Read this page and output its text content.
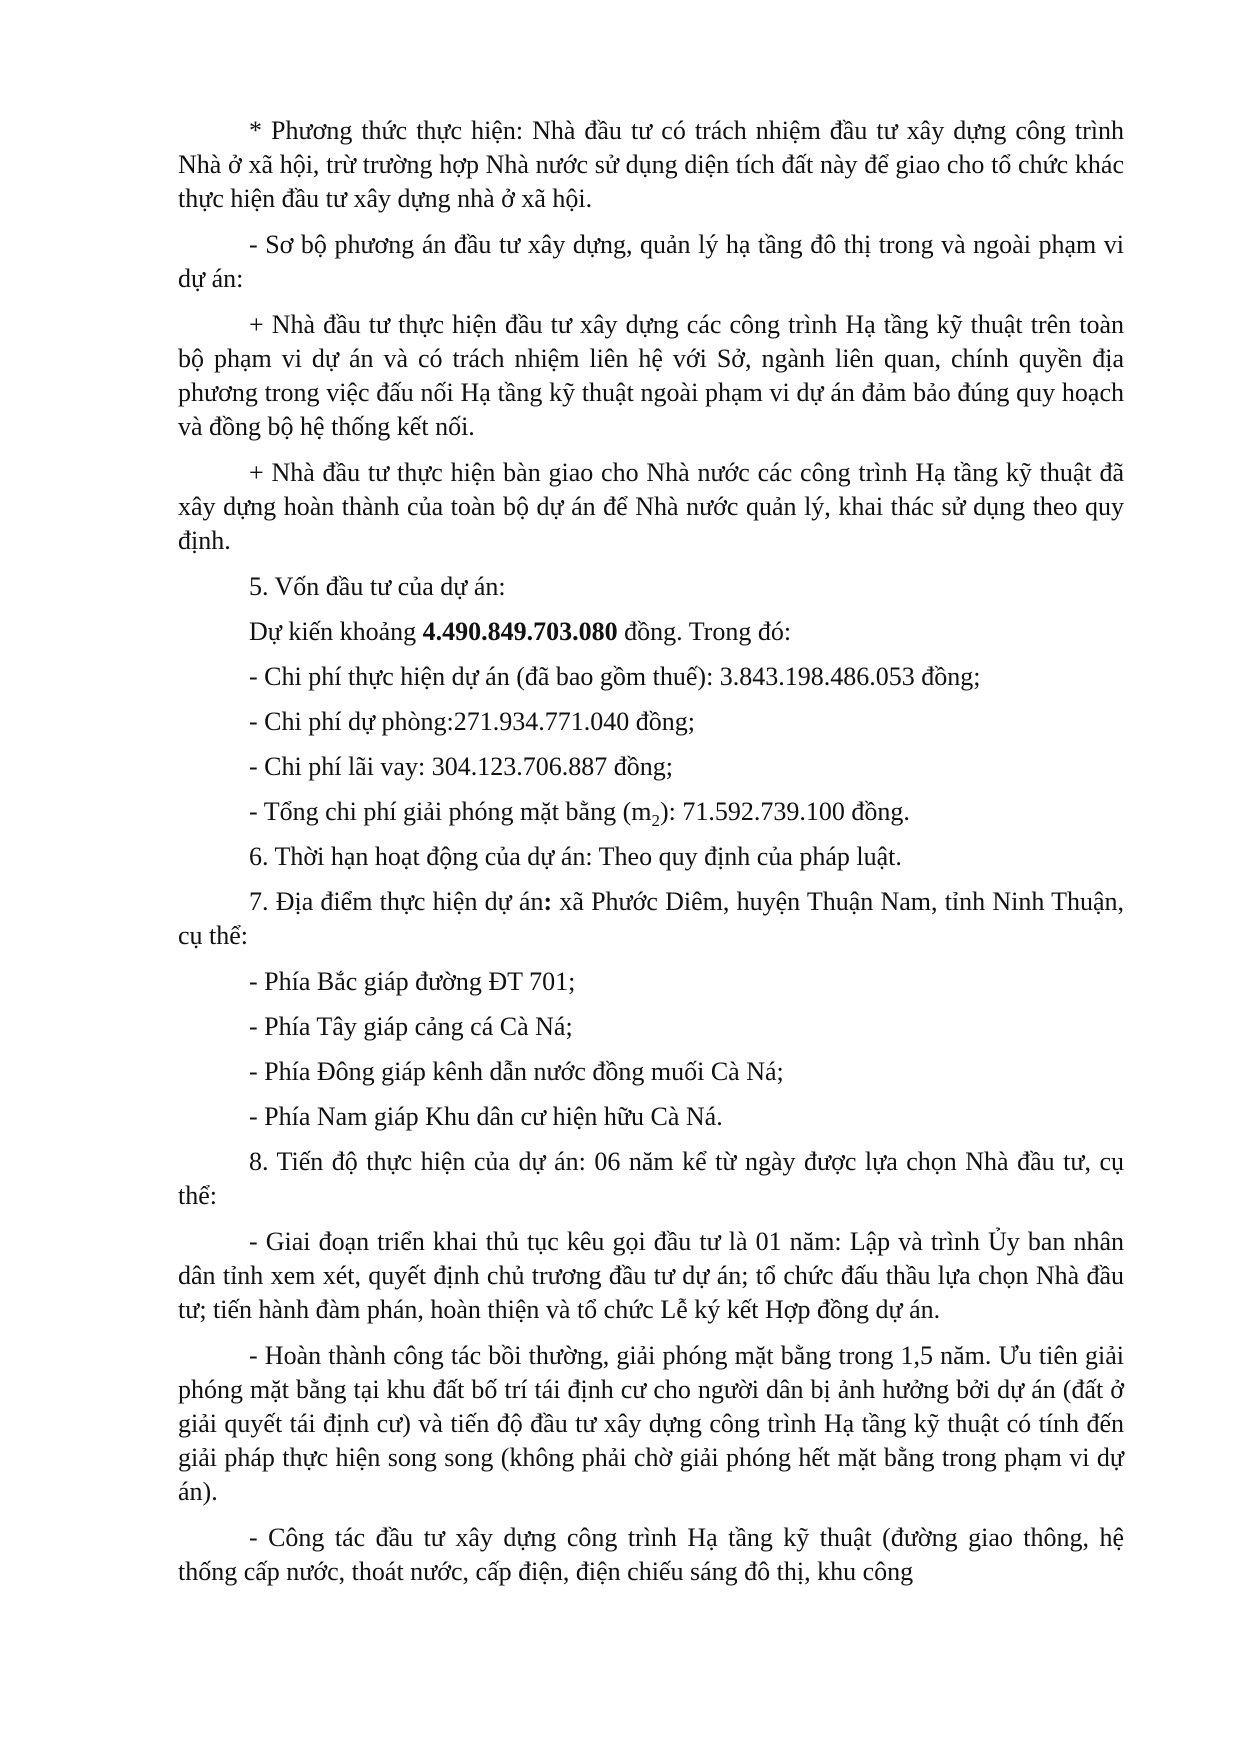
* Phương thức thực hiện: Nhà đầu tư có trách nhiệm đầu tư xây dựng công trình Nhà ở xã hội, trừ trường hợp Nhà nước sử dụng diện tích đất này để giao cho tổ chức khác thực hiện đầu tư xây dựng nhà ở xã hội.

- Sơ bộ phương án đầu tư xây dựng, quản lý hạ tầng đô thị trong và ngoài phạm vi dự án:

+ Nhà đầu tư thực hiện đầu tư xây dựng các công trình Hạ tầng kỹ thuật trên toàn bộ phạm vi dự án và có trách nhiệm liên hệ với Sở, ngành liên quan, chính quyền địa phương trong việc đấu nối Hạ tầng kỹ thuật ngoài phạm vi dự án đảm bảo đúng quy hoạch và đồng bộ hệ thống kết nối.

+ Nhà đầu tư thực hiện bàn giao cho Nhà nước các công trình Hạ tầng kỹ thuật đã xây dựng hoàn thành của toàn bộ dự án để Nhà nước quản lý, khai thác sử dụng theo quy định.

5. Vốn đầu tư của dự án:

Dự kiến khoảng 4.490.849.703.080 đồng. Trong đó:

- Chi phí thực hiện dự án (đã bao gồm thuế): 3.843.198.486.053 đồng;

- Chi phí dự phòng:271.934.771.040 đồng;

- Chi phí lãi vay: 304.123.706.887 đồng;

- Tổng chi phí giải phóng mặt bằng $(m_2)$: 71.592.739.100 đồng.

6. Thời hạn hoạt động của dự án: Theo quy định của pháp luật.

7. Địa điểm thực hiện dự án: xã Phước Diêm, huyện Thuận Nam, tỉnh Ninh Thuận, cụ thể:

- Phía Bắc giáp đường ĐT 701;

- Phía Tây giáp cảng cá Cà Ná;

- Phía Đông giáp kênh dẫn nước đồng muối Cà Ná;

- Phía Nam giáp Khu dân cư hiện hữu Cà Ná.

8. Tiến độ thực hiện của dự án: 06 năm kể từ ngày được lựa chọn Nhà đầu tư, cụ thể:

- Giai đoạn triển khai thủ tục kêu gọi đầu tư là 01 năm: Lập và trình Ủy ban nhân dân tỉnh xem xét, quyết định chủ trương đầu tư dự án; tổ chức đấu thầu lựa chọn Nhà đầu tư; tiến hành đàm phán, hoàn thiện và tổ chức Lễ ký kết Hợp đồng dự án.

- Hoàn thành công tác bồi thường, giải phóng mặt bằng trong 1,5 năm. Ưu tiên giải phóng mặt bằng tại khu đất bố trí tái định cư cho người dân bị ảnh hưởng bởi dự án (đất ở giải quyết tái định cư) và tiến độ đầu tư xây dựng công trình Hạ tầng kỹ thuật có tính đến giải pháp thực hiện song song (không phải chờ giải phóng hết mặt bằng trong phạm vi dự án).

- Công tác đầu tư xây dựng công trình Hạ tầng kỹ thuật (đường giao thông, hệ thống cấp nước, thoát nước, cấp điện, điện chiếu sáng đô thị, khu công
